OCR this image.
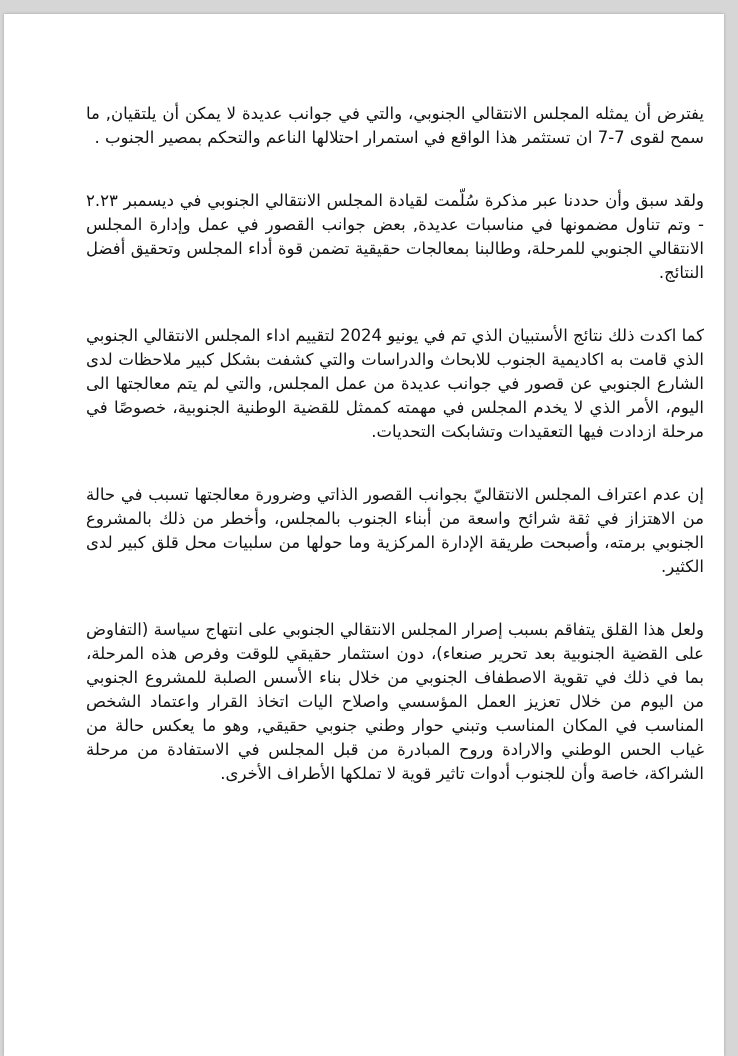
يفترض أن يمثله المجلس الانتقالي الجنوبي، والتي في جوانب عديدة لا يمكن أن يلتقيان, ما سمح لقوى 7-7 ان تستثمر هذا الواقع في استمرار احتلالها الناعم والتحكم بمصير الجنوب .

ولقد سبق وأن حددنا عبر مذكرة سُلّمت لقيادة المجلس الانتقالي الجنوبي في ديسمبر ٢.٢٣ - وتم تناول مضمونها في مناسبات عديدة, بعض جوانب القصور في عمل وإدارة المجلس الانتقالي الجنوبي للمرحلة، وطالبنا بمعالجات حقيقية تضمن قوة أداء المجلس وتحقيق أفضل النتائج.

كما اكدت ذلك نتائج الأستبيان الذي تم في يونيو 2024 لتقييم اداء المجلس الانتقالي الجنوبي الذي قامت به اكاديمية الجنوب للابحاث والدراسات والتي كشفت بشكل كبير ملاحظات لدى الشارع الجنوبي عن قصور في جوانب عديدة من عمل المجلس, والتي لم يتم معالجتها الى اليوم، الأمر الذي لا يخدم المجلس في مهمته كممثل للقضية الوطنية الجنوبية، خصوصًا في مرحلة ازدادت فيها التعقيدات وتشابكت التحديات.

إن عدم اعتراف المجلس الانتقاليّ بجوانب القصور الذاتي وضرورة معالجتها تسبب في حالة من الاهتزاز في ثقة شرائح واسعة من أبناء الجنوب بالمجلس، وأخطر من ذلك بالمشروع الجنوبي برمته، وأصبحت طريقة الإدارة المركزية وما حولها من سلبيات محل قلق كبير لدى الكثير.

ولعل هذا القلق يتفاقم بسبب إصرار المجلس الانتقالي الجنوبي على انتهاج سياسة (التفاوض على القضية الجنوبية بعد تحرير صنعاء)، دون استثمار حقيقي للوقت وفرص هذه المرحلة، بما في ذلك في تقوية الاصطفاف الجنوبي من خلال بناء الأسس الصلبة للمشروع الجنوبي من اليوم من خلال تعزيز العمل المؤسسي واصلاح اليات اتخاذ القرار واعتماد الشخص المناسب في المكان المناسب وتبني حوار وطني جنوبي حقيقي, وهو ما يعكس حالة من غياب الحس الوطني والارادة وروح المبادرة من قبل المجلس في الاستفادة من مرحلة الشراكة، خاصة وأن للجنوب أدوات تاثير قوية لا تملكها الأطراف الأخرى.
